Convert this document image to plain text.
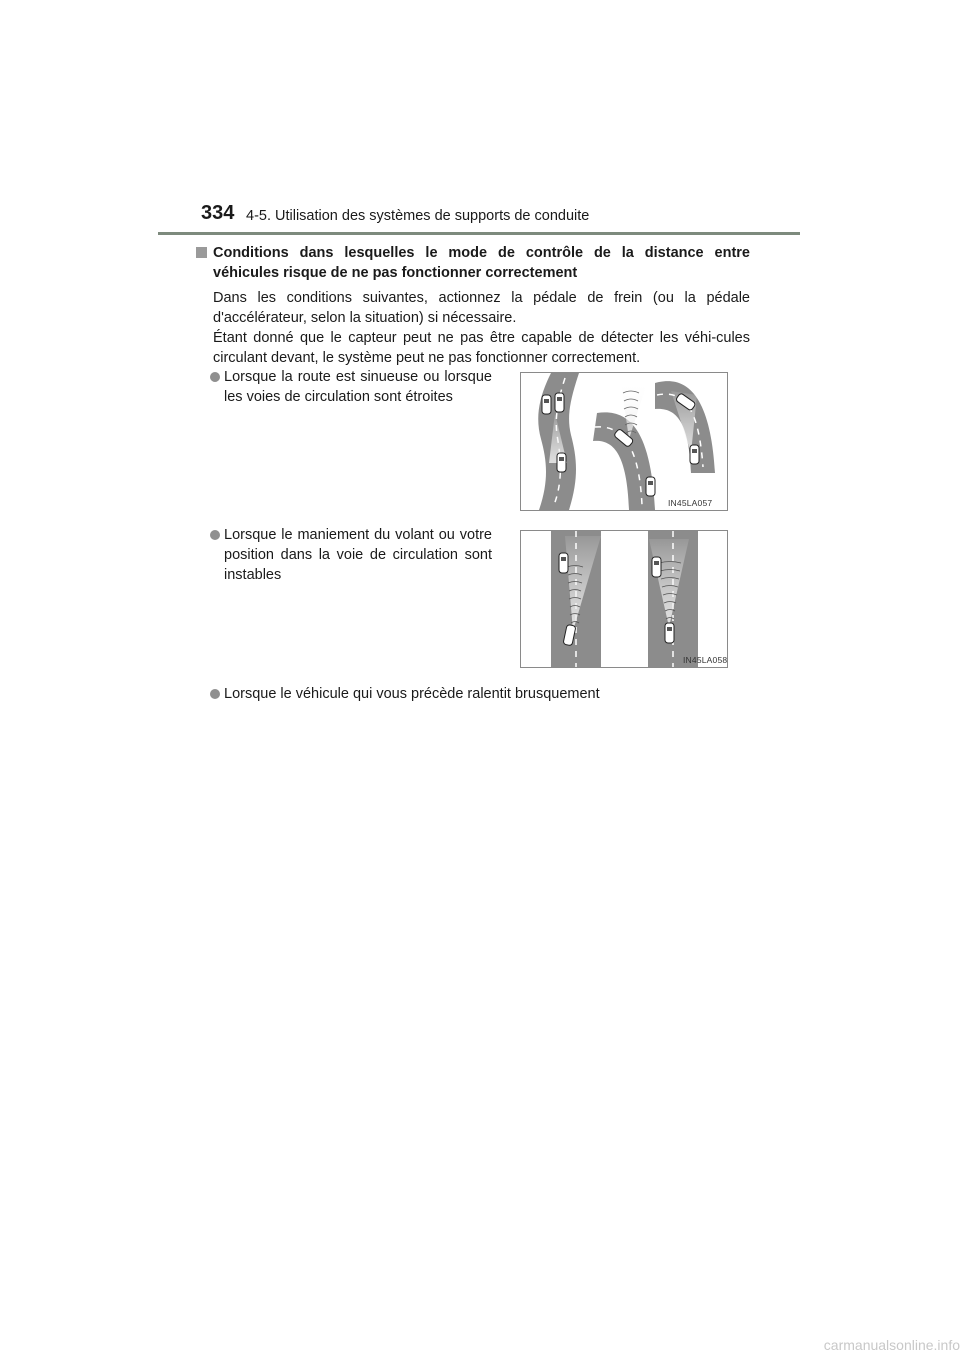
334 4-5. Utilisation des systèmes de supports de conduite
Conditions dans lesquelles le mode de contrôle de la distance entre véhicules risque de ne pas fonctionner correctement
Dans les conditions suivantes, actionnez la pédale de frein (ou la pédale d'accélérateur, selon la situation) si nécessaire.
Étant donné que le capteur peut ne pas être capable de détecter les véhi-cules circulant devant, le système peut ne pas fonctionner correctement.
Lorsque la route est sinueuse ou lorsque les voies de circulation sont étroites
Lorsque le maniement du volant ou votre position dans la voie de circulation sont instables
Lorsque le véhicule qui vous précède ralentit brusquement
IN45LA057
IN45LA058
carmanualsonline.info
